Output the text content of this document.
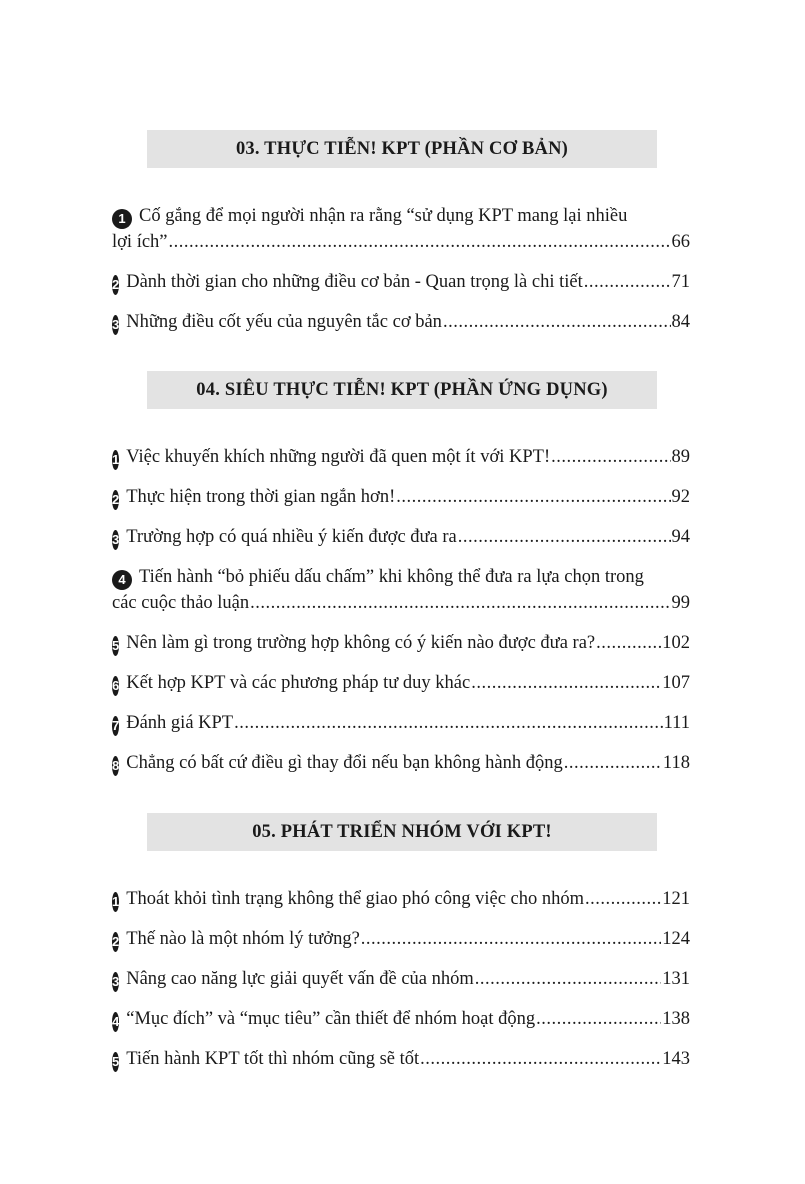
03. THỰC TIỄN! KPT (PHẦN CƠ BẢN)
1 Cố gắng để mọi người nhận ra rằng “sử dụng KPT mang lại nhiều
lợi ích” .....	66
2 Dành thời gian cho những điều cơ bản - Quan trọng là chi tiết .....	71
3 Những điều cốt yếu của nguyên tắc cơ bản .....	84
04. SIÊU THỰC TIỄN! KPT (PHẦN ỨNG DỤNG)
1 Việc khuyến khích những người đã quen một ít với KPT! .....	89
2 Thực hiện trong thời gian ngắn hơn! .....	92
3 Trường hợp có quá nhiều ý kiến được đưa ra .....	94
4 Tiến hành “bỏ phiếu dấu chấm” khi không thể đưa ra lựa chọn trong
các cuộc thảo luận .....	99
5 Nên làm gì trong trường hợp không có ý kiến nào được đưa ra? .....	102
6 Kết hợp KPT và các phương pháp tư duy khác .....	107
7 Đánh giá KPT .....	111
8 Chẳng có bất cứ điều gì thay đổi nếu bạn không hành động .....	118
05. PHÁT TRIỂN NHÓM VỚI KPT!
1 Thoát khỏi tình trạng không thể giao phó công việc cho nhóm .....	121
2 Thế nào là một nhóm lý tưởng? .....	124
3 Nâng cao năng lực giải quyết vấn đề của nhóm .....	131
4 “Mục đích” và “mục tiêu” cần thiết để nhóm hoạt động .....	138
5 Tiến hành KPT tốt thì nhóm cũng sẽ tốt .....	143
